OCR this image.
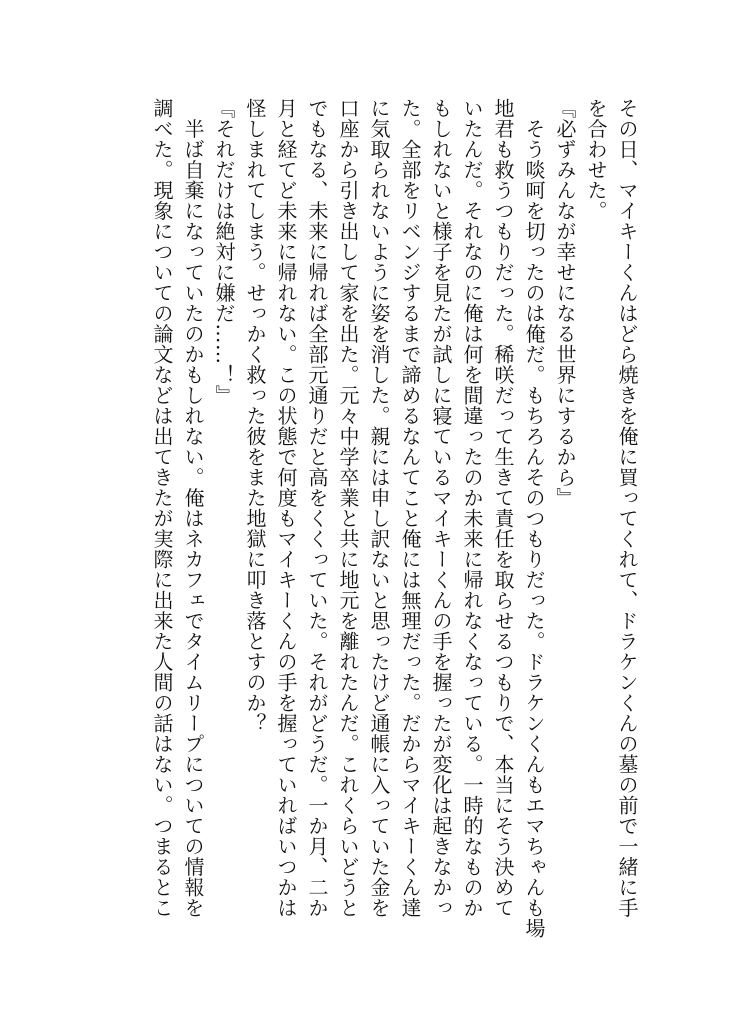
その日、マイキーくんはどら焼きを俺に買ってくれて、ドラケンくんの墓の前で一緒に手
を合わせた。
『必ずみんなが幸せになる世界にするから』
　そう啖呵を切ったのは俺だ。もちろんそのつもりだった。ドラケンくんもエマちゃんも場
地君も救うつもりだった。稀咲だって生きて責任を取らせるつもりで、本当にそう決めて
いたんだ。それなのに俺は何を間違ったのか未来に帰れなくなっている。一時的なものか
もしれないと様子を見たが試しに寝ているマイキーくんの手を握ったが変化は起きなかっ
た。全部をリベンジするまで諦めるなんてこと俺には無理だった。だからマイキーくん達
に気取られないように姿を消した。親には申し訳ないと思ったけど通帳に入っていた金を
口座から引き出して家を出た。元々中学卒業と共に地元を離れたんだ。これくらいどうと
でもなる、未来に帰れば全部元通りだと高をくくっていた。それがどうだ。一か月、二か
月と経てど未来に帰れない。この状態で何度もマイキーくんの手を握っていればいつかは
怪しまれてしまう。せっかく救った彼をまた地獄に叩き落とすのか？
『それだけは絶対に嫌だ……！』
　半ば自棄になっていたのかもしれない。俺はネカフェでタイムリープについての情報を
調べた。現象についての論文などは出てきたが実際に出来た人間の話はない。つまるとこ
